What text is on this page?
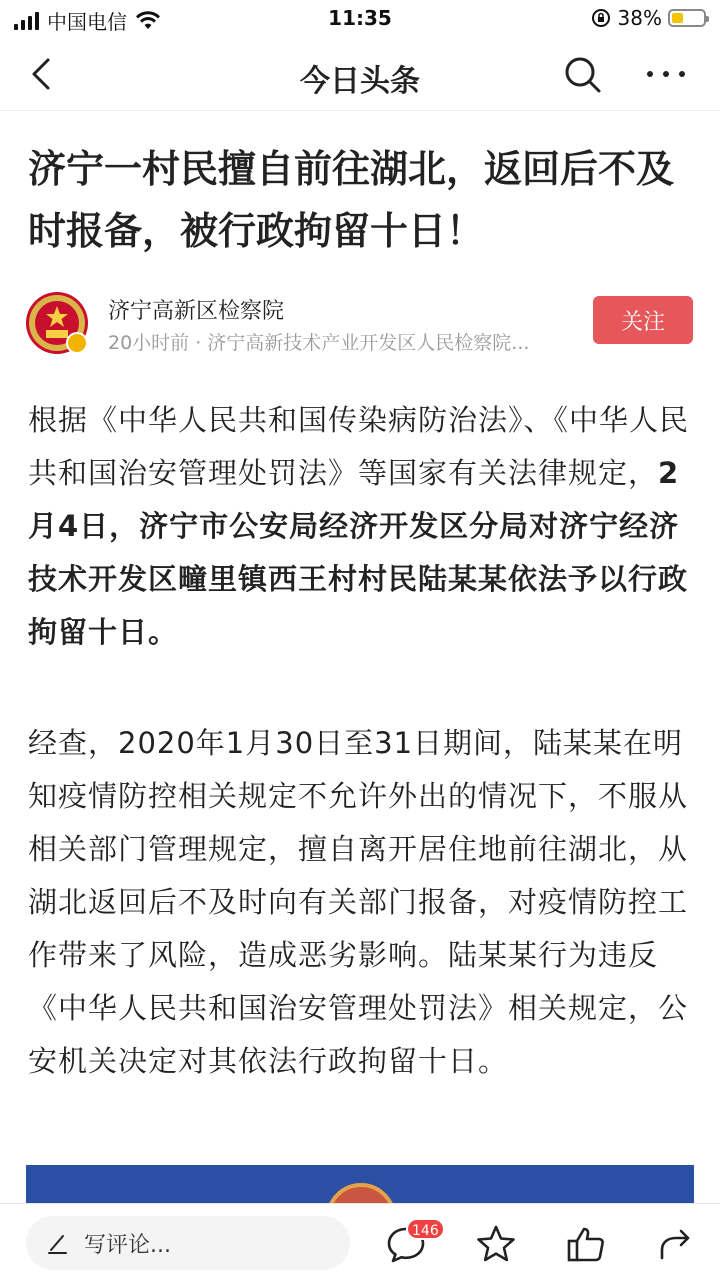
中国电信	11:35	38%
今日头条
济宁一村民擅自前往湖北，返回后不及时报备，被行政拘留十日！
济宁高新区检察院
20小时前 · 济宁高新技术产业开发区人民检察院...
关注

根据《中华人民共和国传染病防治法》、《中华人民共和国治安管理处罚法》等国家有关法律规定，2月4日，济宁市公安局经济开发区分局对济宁经济技术开发区疃里镇西王村村民陆某某依法予以行政拘留十日。

经查，2020年1月30日至31日期间，陆某某在明知疫情防控相关规定不允许外出的情况下，不服从相关部门管理规定，擅自离开居住地前往湖北，从湖北返回后不及时向有关部门报备，对疫情防控工作带来了风险，造成恶劣影响。陆某某行为违反《中华人民共和国治安管理处罚法》相关规定，公安机关决定对其依法行政拘留十日。

写评论...
146
